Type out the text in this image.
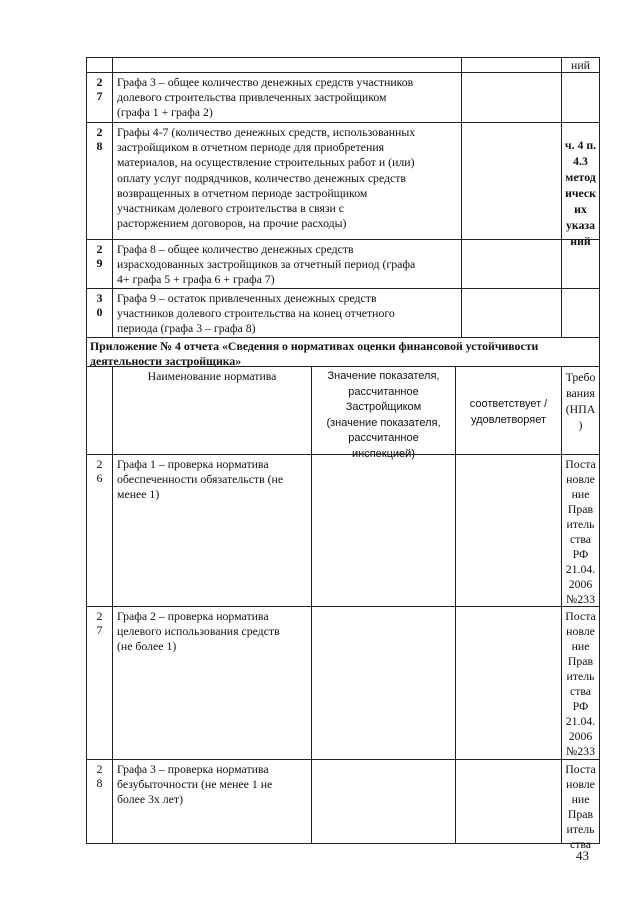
ний
2
7
Графа 3 – общее количество денежных средств участников
долевого строительства привлеченных застройщиком
(графа 1 + графа 2)
2
8
Графы 4-7 (количество денежных средств, использованных
застройщиком в отчетном периоде для приобретения
материалов, на осуществление строительных работ и (или)
оплату услуг подрядчиков, количество денежных средств
возвращенных в отчетном периоде застройщиком
участникам долевого строительства в связи с
расторжением договоров, на прочие расходы)
ч. 4 п.
4.3
метод
ическ
их
указа
ний
2
9
Графа 8 – общее количество денежных средств
израсходованных застройщиков за отчетный период (графа
4+ графа 5 + графа 6 + графа 7)
3
0
Графа 9 – остаток привлеченных денежных средств
участников долевого строительства на конец отчетного
периода (графа 3 – графа 8)
Приложение № 4 отчета «Сведения о нормативах оценки финансовой устойчивости
деятельности застройщика»
Наименование норматива	Значение показателя,
рассчитанное
Застройщиком
(значение показателя,
рассчитанное
инспекцией)
соответствует /
удовлетворяет
Требо
вания
(НПА
)
2
6
Графа 1 – проверка норматива
обеспеченности обязательств (не
менее 1)
Поста
новле
ние
Прав
итель
ства
РФ
21.04.
2006
№233
2
7
Графа 2 – проверка норматива
целевого использования средств
(не более 1)
Поста
новле
ние
Прав
итель
ства
РФ
21.04.
2006
№233
2
8
Графа 3 – проверка норматива
безубыточности (не менее 1 не
более 3х лет)
Поста
новле
ние
Прав
итель
ства
43
